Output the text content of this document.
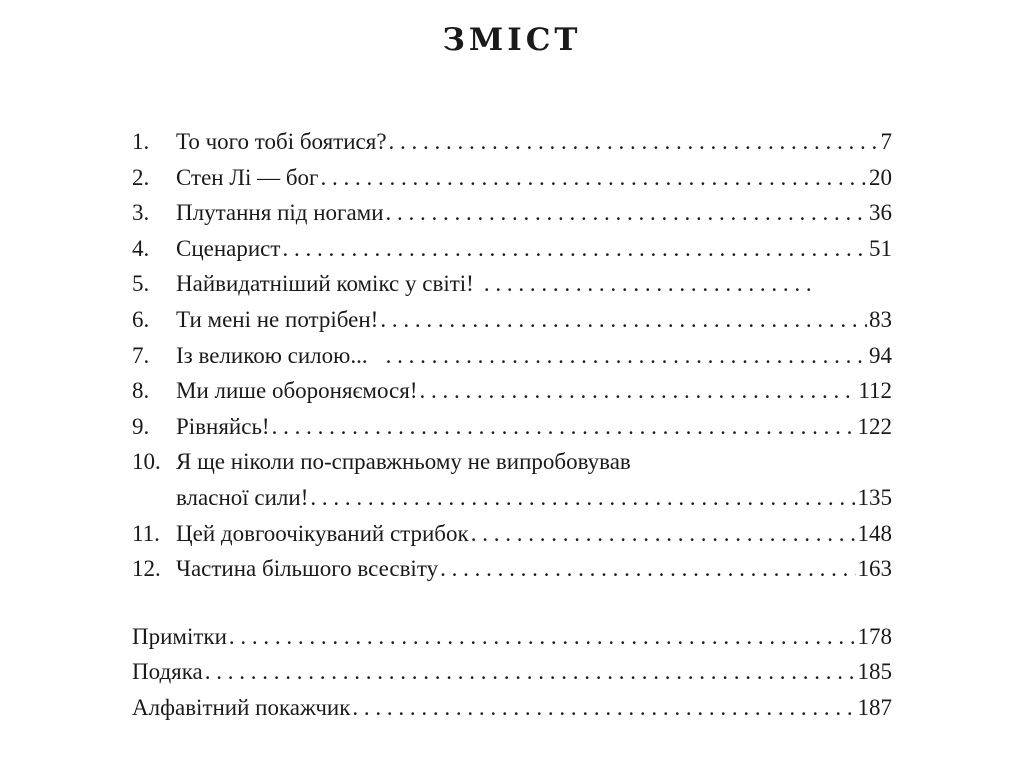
ЗМІСТ
1.	То чого тобі боятися? . . .	7
2.	Стен Лі — бог . . .	20
3.	Плутання під ногами . . .	36
4.	Сценарист . . .	51
5.	Найвидатніший комікс у світі!
. . .
6.	Ти мені не потрібен! . . .	83
7.	Із великою силою... . . .	94
8.	Ми лише обороняємося! . . .	112
9.	Рівняйсь! . . .	122
10. Я ще ніколи по-справжньому не випробовував
власної сили! . . .	135
11. Цей довгоочікуваний стрибок . . .	148
12. Частина більшого всесвіту . . .	163
Примітки . . .	178
Подяка . . .	185
Алфавітний покажчик . . .	187
